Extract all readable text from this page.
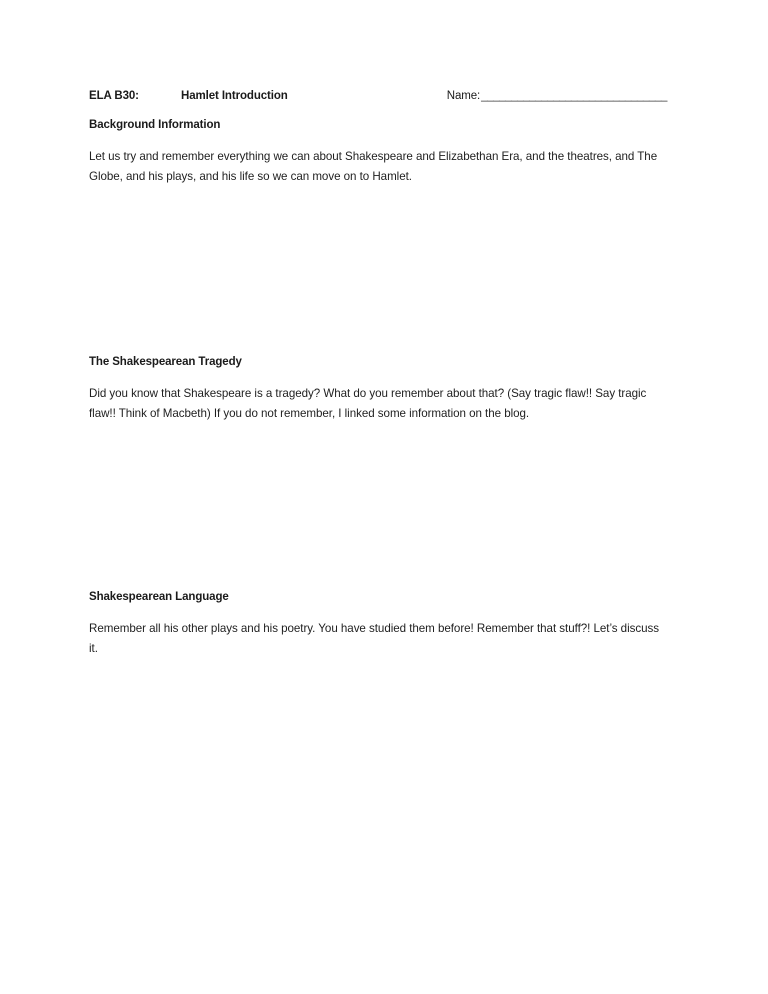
ELA B30:	Hamlet Introduction	Name: _______________________________
Background Information

Let us try and remember everything we can about Shakespeare and Elizabethan Era, and the theatres, and The Globe, and his plays, and his life so we can move on to Hamlet.

The Shakespearean Tragedy

Did you know that Shakespeare is a tragedy? What do you remember about that? (Say tragic flaw!! Say tragic flaw!! Think of Macbeth) If you do not remember, I linked some information on the blog.

Shakespearean Language

Remember all his other plays and his poetry. You have studied them before! Remember that stuff?! Let’s discuss it.
